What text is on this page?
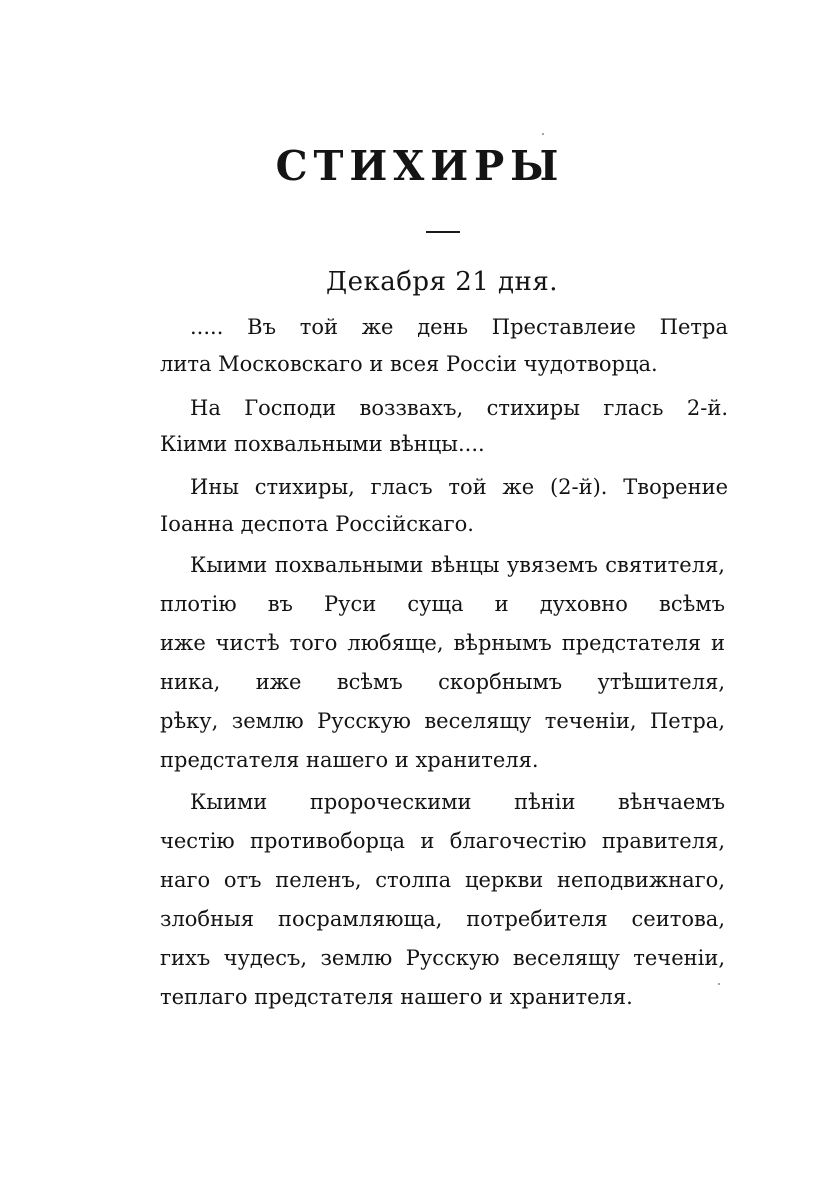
СТИХИРЫ
Декабря 21 дня.
..... Въ той же день Преставлеие Петра
лита Московскаго и всея Россіи чудотворца.
На Господи воззвахъ, стихиры глась 2-й.
Кіими похвальными вѣнцы....
Ины стихиры, гласъ той же (2-й). Творение
Іоанна деспота Россійскаго.
Кыими похвальными вѣнцы увяземъ святителя,
плотію въ Руси суща и духовно всѣмъ
иже чистѣ того любяще, вѣрнымъ предстателя и
ника, иже всѣмъ скорбнымъ утѣшителя,
рѣку, землю Русскую веселящу теченіи, Петра,
предстателя нашего и хранителя.
Кыими пророческими пѣніи вѣнчаемъ
честію противоборца и благочестію правителя,
наго отъ пеленъ, столпа церкви неподвижнаго,
злобныя посрамляюща, потребителя сеитова,
гихъ чудесъ, землю Русскую веселящу теченіи,
теплаго предстателя нашего и хранителя.
